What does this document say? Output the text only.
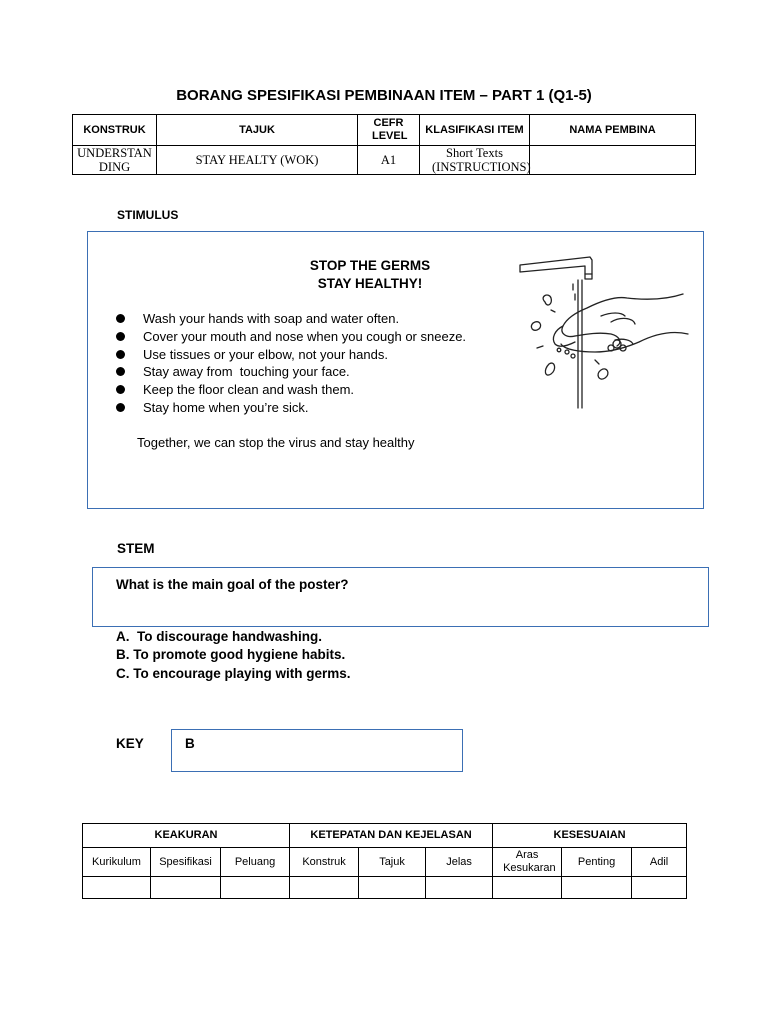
BORANG SPESIFIKASI PEMBINAAN ITEM – PART 1 (Q1-5)
KONSTRUK	TAJUK	CEFR LEVEL	KLASIFIKASI ITEM	NAMA PEMBINA
UNDERSTANDING	STAY HEALTY (WOK)	A1	Short Texts (INSTRUCTIONS)	
STIMULUS
STOP THE GERMS
STAY HEALTHY!
Wash your hands with soap and water often.
Cover your mouth and nose when you cough or sneeze.
Use tissues or your elbow, not your hands.
Stay away from  touching your face.
Keep the floor clean and wash them.
Stay home when you’re sick.
Together, we can stop the virus and stay healthy
STEM
What is the main goal of the poster?
A.  To discourage handwashing.
B. To promote good hygiene habits.
C. To encourage playing with germs.
KEY	B
KEAKURAN			KETEPATAN DAN KEJELASAN			KESESUAIAN		
Kurikulum	Spesifikasi	Peluang	Konstruk	Tajuk	Jelas	Aras Kesukaran	Penting	Adil
